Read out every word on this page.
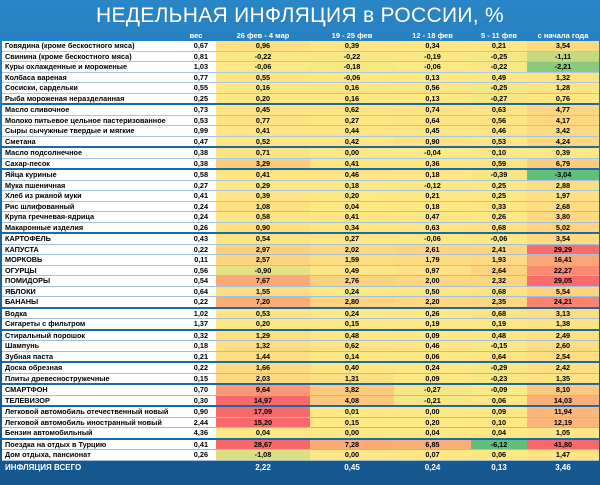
НЕДЕЛЬНАЯ ИНФЛЯЦИЯ в РОССИИ, %
	вес	26 фев - 4 мар	19 - 25 фев	12 - 18 фев	5 - 11 фев	с начала года
Говядина (кроме бескостного мяса)	0,67	0,96	0,39	0,34	0,21	3,54
Свинина (кроме бескостного мяса)	0,81	-0,22	-0,22	-0,19	-0,25	-1,11
Куры охлажденные и мороженые	1,03	-0,06	-0,18	-0,06	-0,22	-2,21
Колбаса вареная	0,77	0,55	-0,06	0,13	0,49	1,32
Сосиски, сардельки	0,55	0,16	0,16	0,56	-0,25	1,28
Рыба мороженая неразделанная	0,25	0,20	0,16	0,13	-0,27	0,76
Масло сливочное	0,73	0,45	0,62	0,74	0,63	4,77
Молоко питьевое цельное пастеризованное	0,53	0,77	0,27	0,64	0,56	4,17
Сыры сычужные твердые и мягкие	0,99	0,41	0,44	0,45	0,46	3,42
Сметана	0,47	0,52	0,42	0,90	0,53	4,24
Масло подсолнечное	0,38	0,71	0,00	-0,04	0,10	0,39
Сахар-песок	0,38	3,29	0,41	0,36	0,59	6,79
Яйца куриные	0,58	0,41	0,46	0,18	-0,39	-3,04
Мука пшеничная	0,27	0,29	0,18	-0,12	0,25	2,88
Хлеб из ржаной муки	0,41	0,39	0,20	0,21	0,25	1,97
Рис шлифованный	0,24	1,08	0,04	0,18	0,33	2,68
Крупа гречневая-ядрица	0,24	0,58	0,41	0,47	0,26	3,80
Макаронные изделия	0,26	0,90	0,34	0,63	0,68	5,02
КАРТОФЕЛЬ	0,43	0,54	0,27	-0,06	-0,06	3,54
КАПУСТА	0,22	2,97	2,02	2,61	2,41	29,29
МОРКОВЬ	0,11	2,57	1,59	1,79	1,93	16,41
ОГУРЦЫ	0,56	-0,90	0,49	0,97	2,64	22,27
ПОМИДОРЫ	0,54	7,67	2,76	2,00	2,32	29,05
ЯБЛОКИ	0,64	1,55	0,24	0,50	0,68	5,54
БАНАНЫ	0,22	7,20	2,80	2,20	2,35	24,21
Водка	1,02	0,53	0,24	0,26	0,68	3,13
Сигареты с фильтром	1,37	0,20	0,15	0,19	0,19	1,38
Стиральный порошок	0,32	1,29	0,48	0,09	0,48	2,49
Шампунь	0,18	1,32	0,62	0,46	-0,15	2,60
Зубная паста	0,21	1,44	0,14	0,06	0,64	2,54
Доска обрезная	0,22	1,66	0,40	0,24	-0,29	2,42
Плиты древесностружечные	0,15	2,03	1,31	0,09	-0,23	1,35
СМАРТФОН	0,70	9,64	3,82	-0,27	-0,09	8,10
ТЕЛЕВИЗОР	0,30	14,97	4,08	-0,21	0,06	14,03
Легковой автомобиль отечественный новый	0,90	17,09	0,01	0,00	0,09	11,94
Легковой автомобиль иностранный новый	2,44	15,20	0,15	0,20	0,10	12,19
Бензин автомобильный	4,36	0,04	0,00	0,04	0,04	1,05
Поездка на отдых в Турцию	0,41	28,67	7,28	6,85	-6,12	41,80
Дом отдыха, пансионат	0,26	-1,08	0,00	0,07	0,06	1,47
ИНФЛЯЦИЯ ВСЕГО		2,22	0,45	0,24	0,13	3,46
